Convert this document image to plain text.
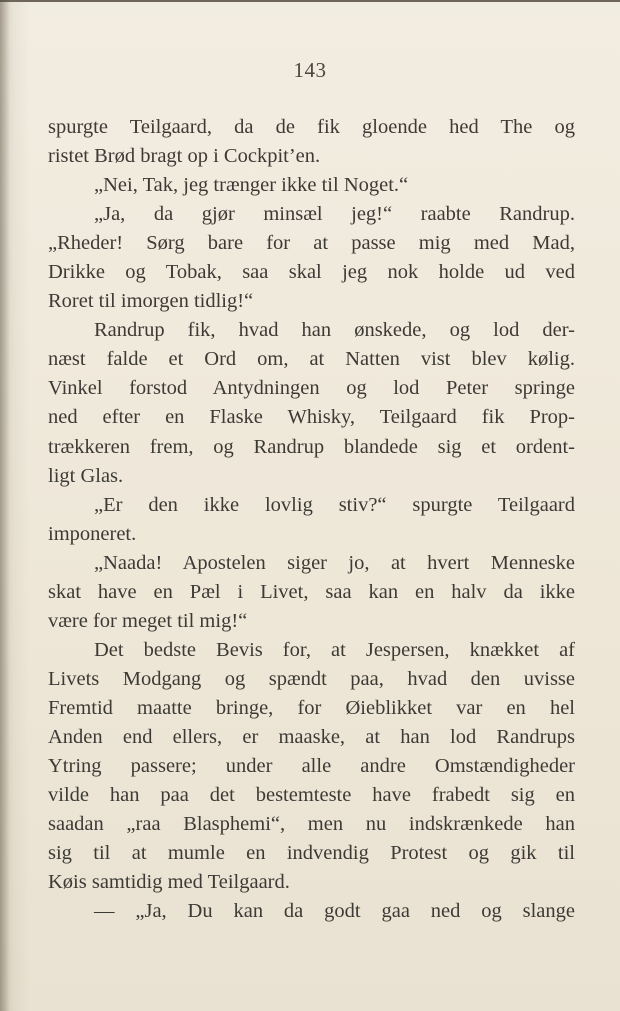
143
spurgte Teilgaard, da de fik gloende hed The og
ristet Brød bragt op i Cockpit’en.
„Nei, Tak, jeg trænger ikke til Noget.“
„Ja, da gjør minsæl jeg!“ raabte Randrup.
„Rheder! Sørg bare for at passe mig med Mad,
Drikke og Tobak, saa skal jeg nok holde ud ved
Roret til imorgen tidlig!“
Randrup fik, hvad han ønskede, og lod der-
næst falde et Ord om, at Natten vist blev kølig.
Vinkel forstod Antydningen og lod Peter springe
ned efter en Flaske Whisky, Teilgaard fik Prop-
trækkeren frem, og Randrup blandede sig et ordent-
ligt Glas.
„Er den ikke lovlig stiv?“ spurgte Teilgaard
imponeret.
„Naada! Apostelen siger jo, at hvert Menneske
skat have en Pæl i Livet, saa kan en halv da ikke
være for meget til mig!“
Det bedste Bevis for, at Jespersen, knækket af
Livets Modgang og spændt paa, hvad den uvisse
Fremtid maatte bringe, for Øieblikket var en hel
Anden end ellers, er maaske, at han lod Randrups
Ytring passere; under alle andre Omstændigheder
vilde han paa det bestemteste have frabedt sig en
saadan „raa Blasphemi“, men nu indskrænkede han
sig til at mumle en indvendig Protest og gik til
Køis samtidig med Teilgaard.
— „Ja, Du kan da godt gaa ned og slange
